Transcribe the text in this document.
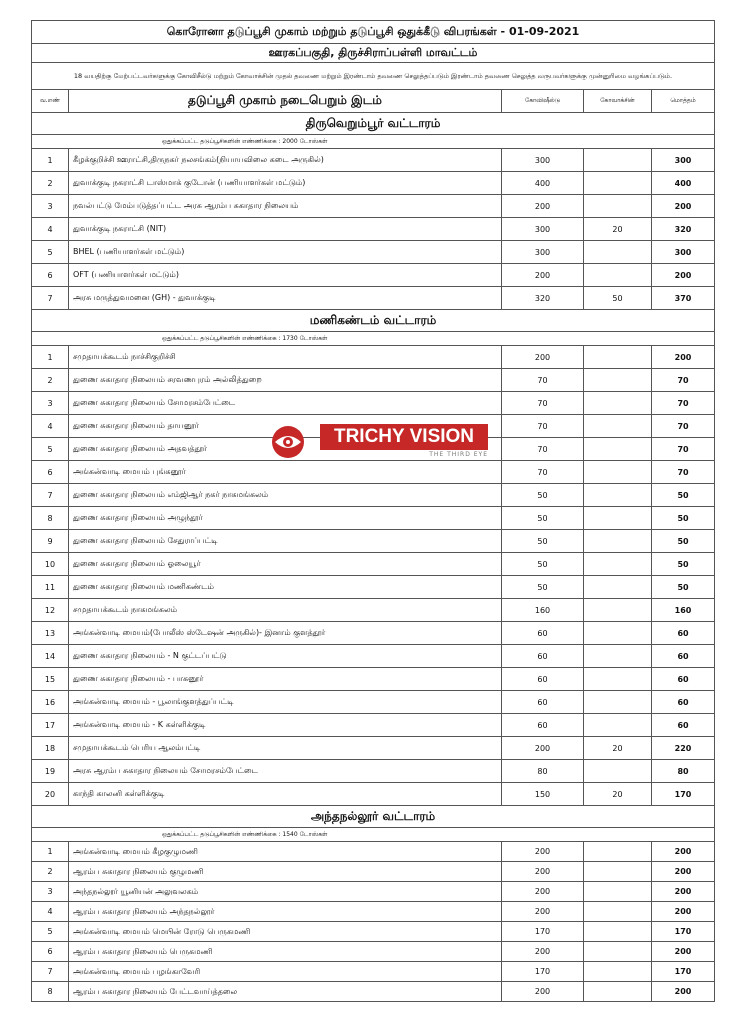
கொரோனா தடுப்பூசி முகாம் மற்றும் தடுப்பூசி ஒதுக்கீடு விபரங்கள் - 01-09-2021				
ஊரகப்பகுதி, திருச்சிராப்பள்ளி மாவட்டம்				
18 வயதிற்கு மேற்பட்டவர்களுக்கு கோவிசீல்டு மற்றும் கோவாக்சின் முதல் தவணை மற்றும் இரண்டாம் தவணை செலுத்தப்படும் இரண்டாம் தவணை செலுத்த வருபவர்களுக்கு முன்னுரிமை வழங்கப்படும்.				
வ.எண்	தடுப்பூசி முகாம் நடைபெறும் இடம்	கோவிஷீல்டு	கோவாக்சின்	மொத்தம்
திருவெறும்பூர் வட்டாரம்				
ஒதுக்கப்பட்ட தடுப்பூசிகளின் எண்ணிக்கை : 2000 டோஸ்கள்				
1	கீழக்குறிச்சி ஊராட்சி,திருநகர் நலசங்கம்(நியாயவிலை கடை அருகில்)	300		300
2	துவாக்குடி நகராட்சி டாஸ்மாக் குடோன் (பணியாளர்கள் மட்டும்)	400		400
3	நவல்பட்டு மேம்படுத்தப்பட்ட அரசு ஆரம்ப சுகாதார நிலையம்	200		200
4	துவாக்குடி நகராட்சி (NIT)	300	20	320
5	BHEL (பணியாளர்கள் மட்டும்)	300		300
6	OFT (பணியாளர்கள் மட்டும்)	200		200
7	அரசு மருத்துவமனை (GH) - துவாக்குடி	320	50	370
மணிகண்டம் வட்டாரம்				
ஒதுக்கப்பட்ட தடுப்பூசிகளின் எண்ணிக்கை : 1730 டோஸ்கள்				
1	சமுதாயக்கூடம் நாச்சிகுறிச்சி	200		200
2	துணை சுகாதார நிலையம் சரவணபுரம் அல்லித்துறை	70		70
3	துணை சுகாதார நிலையம் சோமரசம்பேட்டை	70		70
4	துணை சுகாதார நிலையம் தாயனூர்	70		70
5	துணை சுகாதார நிலையம் அதவத்தூர்	70		70
6	அங்கன்வாடி மையம் புங்கனூர்	70		70
7	துணை சுகாதார நிலையம் எம்ஜிஆர் நகர் நாகமங்கலம்	50		50
8	துணை சுகாதார நிலையம் அழுந்தூர்	50		50
9	துணை சுகாதார நிலையம் சேதுராப்பட்டி	50		50
10	துணை சுகாதார நிலையம் ஓலையூர்	50		50
11	துணை சுகாதார நிலையம் மணிகண்டம்	50		50
12	சமுதாயக்கூடம் நாகமங்கலம்	160		160
13	அங்கன்வாடி மையம்(போலீஸ் ஸ்டேஷன் அருகில்)- இனாம் குளத்தூர்	60		60
14	துணை சுகாதார நிலையம் - N குட்டப்பட்டு	60		60
15	துணை சுகாதார நிலையம் - பாகனூர்	60		60
16	அங்கன்வாடி மையம் - பூலாங்குளத்துப்பட்டி	60		60
17	அங்கன்வாடி மையம் - K கள்ளிக்குடி	60		60
18	சமுதாயக்கூடம் பெரிய ஆலம்பட்டி	200	20	220
19	அரசு ஆரம்ப சுகாதார நிலையம் சோமரசம்பேட்டை	80		80
20	காந்தி காலனி கள்ளிக்குடி	150	20	170
அந்தநல்லூர் வட்டாரம்				
ஒதுக்கப்பட்ட தடுப்பூசிகளின் எண்ணிக்கை : 1540 டோஸ்கள்				
1	அங்கன்வாடி மையம் கீழகுழுமணி	200		200
2	ஆரம்ப சுகாதார நிலையம் குழுமணி	200		200
3	அந்தநல்லூர் யூனியன் அலுவலகம்	200		200
4	ஆரம்ப சுகாதார நிலையம் அந்தநல்லூர்	200		200
5	அங்கன்வாடி மையம் மெயின் ரோடு பெருகமணி	170		170
6	ஆரம்ப சுகாதார நிலையம் பெருகமணி	200		200
7	அங்கன்வாடி மையம் பழங்காவேரி	170		170
8	ஆரம்ப சுகாதார நிலையம் பேட்டவாய்த்தலை	200		200
TRICHY VISION
THE THIRD EYE
